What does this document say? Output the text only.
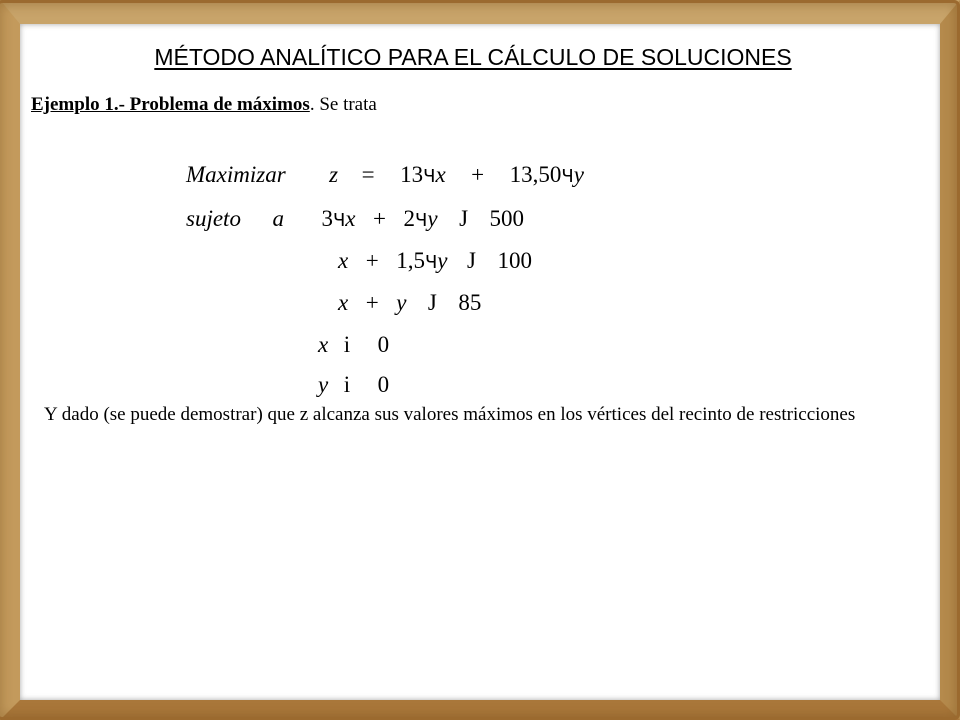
MÉTODO ANALÍTICO PARA EL CÁLCULO DE SOLUCIONES
Ejemplo 1.- Problema de máximos. Se trata
Maximizar z = 13Чx + 13,50Чy
sujeto a 3Чx + 2Чy J 500
x + 1,5Чy J 100
x + y J 85
x i 0
y i 0

Y dado (se puede demostrar) que z alcanza sus valores máximos en los vértices del recinto de restricciones
